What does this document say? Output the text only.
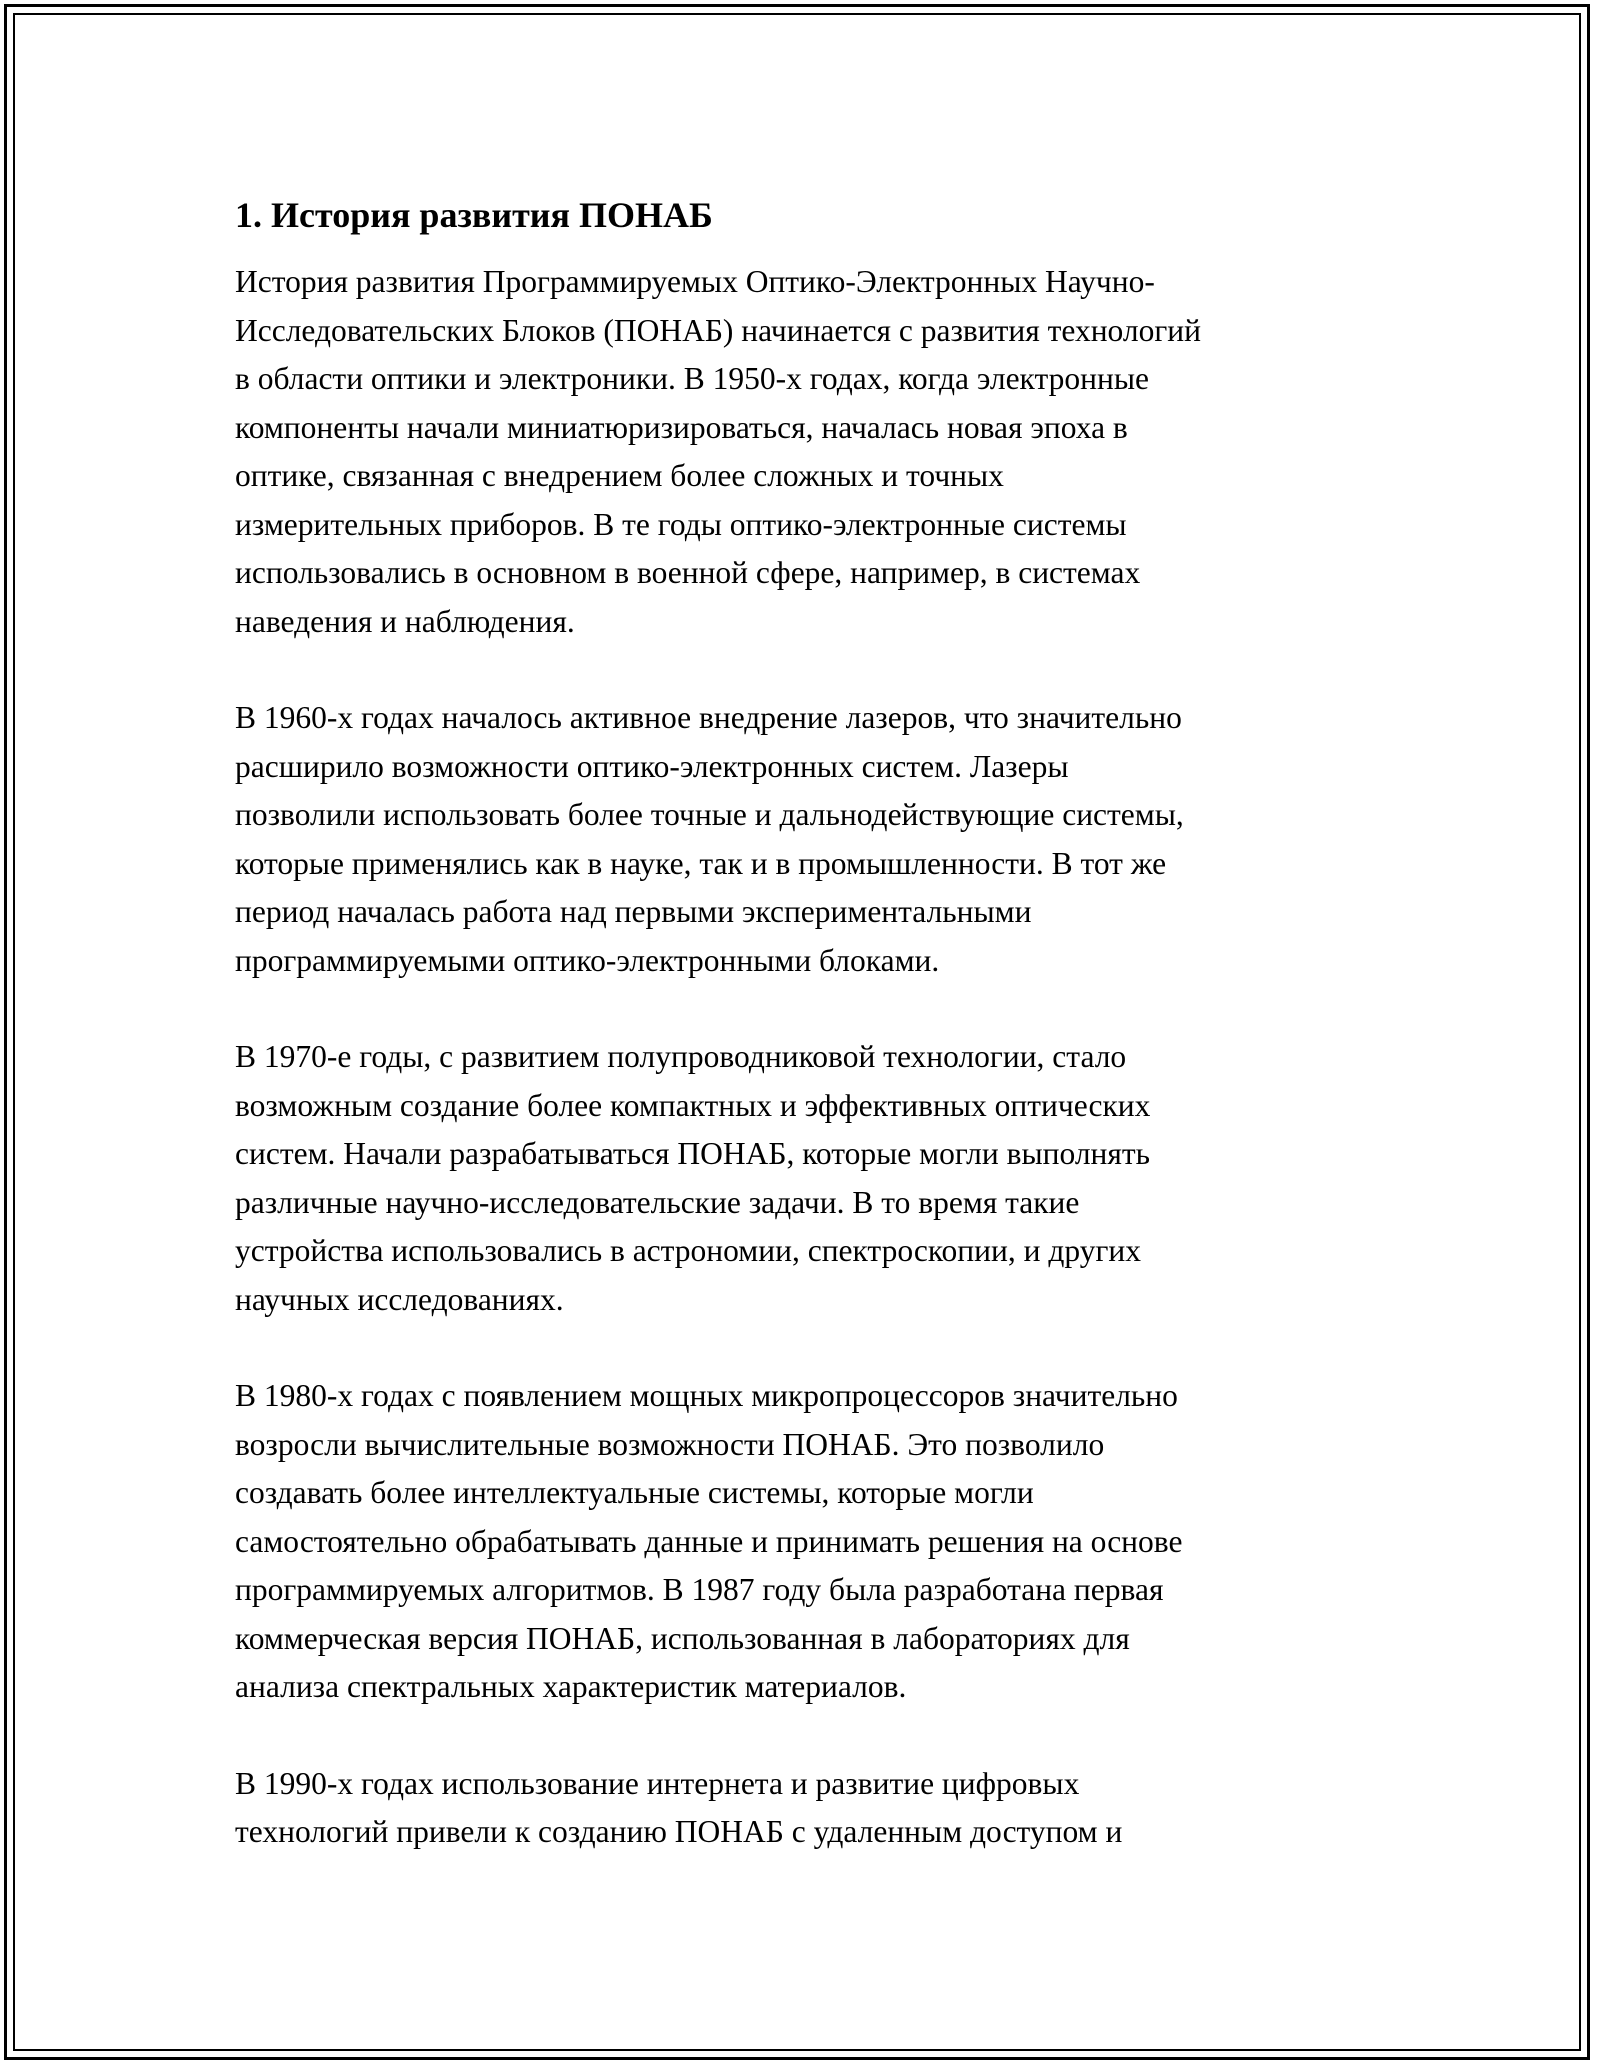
1. История развития ПОНАБ

История развития Программируемых Оптико-Электронных Научно-
Исследовательских Блоков (ПОНАБ) начинается с развития технологий
в области оптики и электроники. В 1950-х годах, когда электронные
компоненты начали миниатюризироваться, началась новая эпоха в
оптике, связанная с внедрением более сложных и точных
измерительных приборов. В те годы оптико-электронные системы
использовались в основном в военной сфере, например, в системах
наведения и наблюдения.

В 1960-х годах началось активное внедрение лазеров, что значительно
расширило возможности оптико-электронных систем. Лазеры
позволили использовать более точные и дальнодействующие системы,
которые применялись как в науке, так и в промышленности. В тот же
период началась работа над первыми экспериментальными
программируемыми оптико-электронными блоками.

В 1970-е годы, с развитием полупроводниковой технологии, стало
возможным создание более компактных и эффективных оптических
систем. Начали разрабатываться ПОНАБ, которые могли выполнять
различные научно-исследовательские задачи. В то время такие
устройства использовались в астрономии, спектроскопии, и других
научных исследованиях.

В 1980-х годах с появлением мощных микропроцессоров значительно
возросли вычислительные возможности ПОНАБ. Это позволило
создавать более интеллектуальные системы, которые могли
самостоятельно обрабатывать данные и принимать решения на основе
программируемых алгоритмов. В 1987 году была разработана первая
коммерческая версия ПОНАБ, использованная в лабораториях для
анализа спектральных характеристик материалов.

В 1990-х годах использование интернета и развитие цифровых
технологий привели к созданию ПОНАБ с удаленным доступом и
